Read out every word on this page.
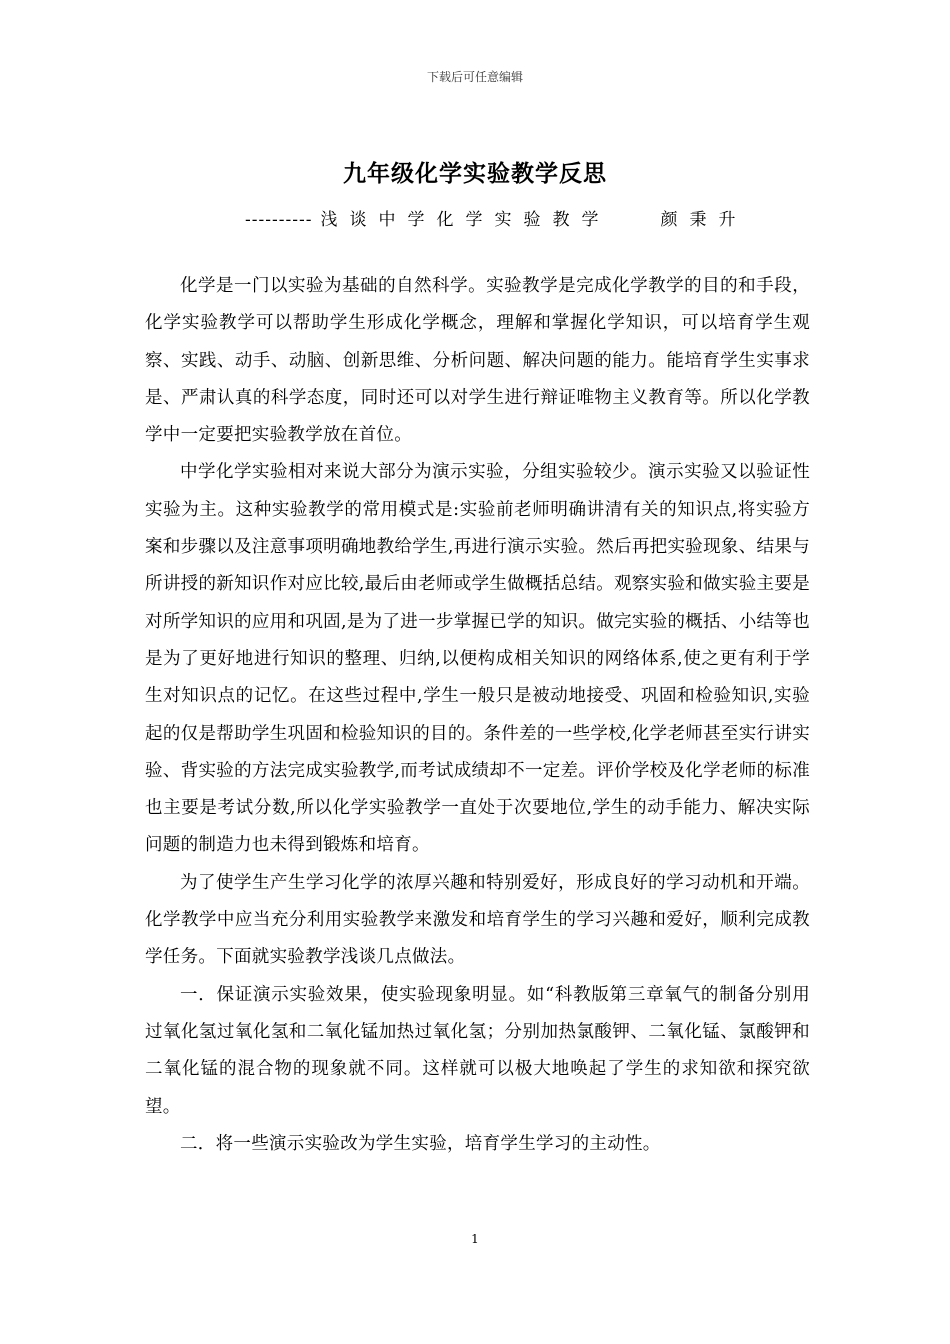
下载后可任意编辑
九年级化学实验教学反思
---------- 浅谈中学化学实验教学	颜秉升

化学是一门以实验为基础的自然科学。实验教学是完成化学教学的目的和手段，化学实验教学可以帮助学生形成化学概念，理解和掌握化学知识，可以培育学生观察、实践、动手、动脑、创新思维、分析问题、解决问题的能力。能培育学生实事求是、严肃认真的科学态度，同时还可以对学生进行辩证唯物主义教育等。所以化学教学中一定要把实验教学放在首位。

中学化学实验相对来说大部分为演示实验，分组实验较少。演示实验又以验证性实验为主。这种实验教学的常用模式是:实验前老师明确讲清有关的知识点,将实验方案和步骤以及注意事项明确地教给学生,再进行演示实验。然后再把实验现象、结果与所讲授的新知识作对应比较,最后由老师或学生做概括总结。观察实验和做实验主要是对所学知识的应用和巩固,是为了进一步掌握已学的知识。做完实验的概括、小结等也是为了更好地进行知识的整理、归纳,以便构成相关知识的网络体系,使之更有利于学生对知识点的记忆。在这些过程中,学生一般只是被动地接受、巩固和检验知识,实验起的仅是帮助学生巩固和检验知识的目的。条件差的一些学校,化学老师甚至实行讲实验、背实验的方法完成实验教学,而考试成绩却不一定差。评价学校及化学老师的标准也主要是考试分数,所以化学实验教学一直处于次要地位,学生的动手能力、解决实际问题的制造力也未得到锻炼和培育。

为了使学生产生学习化学的浓厚兴趣和特别爱好，形成良好的学习动机和开端。化学教学中应当充分利用实验教学来激发和培育学生的学习兴趣和爱好，顺利完成教学任务。下面就实验教学浅谈几点做法。

一．保证演示实验效果，使实验现象明显。如“科教版第三章氧气的制备分别用过氧化氢过氧化氢和二氧化锰加热过氧化氢；分别加热氯酸钾、二氧化锰、氯酸钾和二氧化锰的混合物的现象就不同。这样就可以极大地唤起了学生的求知欲和探究欲望。

二．将一些演示实验改为学生实验，培育学生学习的主动性。

1
